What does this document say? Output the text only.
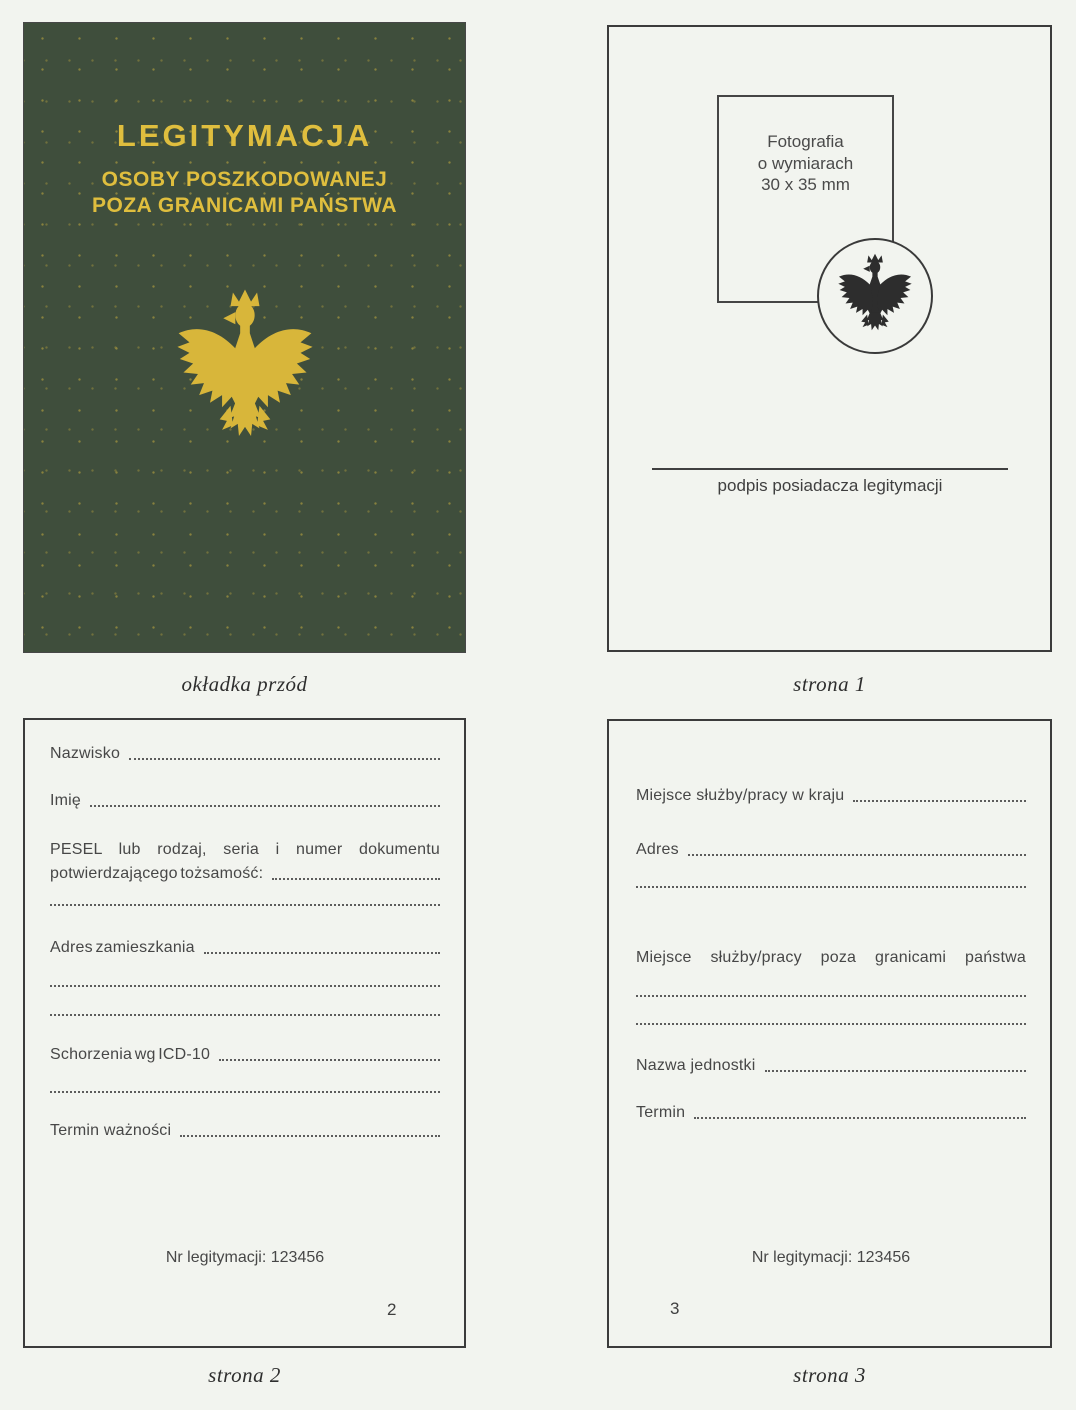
LEGITYMACJA
OSOBY POSZKODOWANEJ
POZA GRANICAMI PAŃSTWA
okładka przód
Fotografia
o wymiarach
30 x 35 mm
podpis posiadacza legitymacji
strona 1
Nazwisko
Imię
PESEL lub rodzaj, seria i numer dokumentu
potwierdzającego tożsamość:
Adres zamieszkania
Schorzenia wg ICD-10
Termin ważności
Nr legitymacji: 123456
2
strona 2
Miejsce służby/pracy w kraju
Adres
Miejsce służby/pracy poza granicami państwa
Nazwa jednostki
Termin
Nr legitymacji: 123456
3
strona 3
